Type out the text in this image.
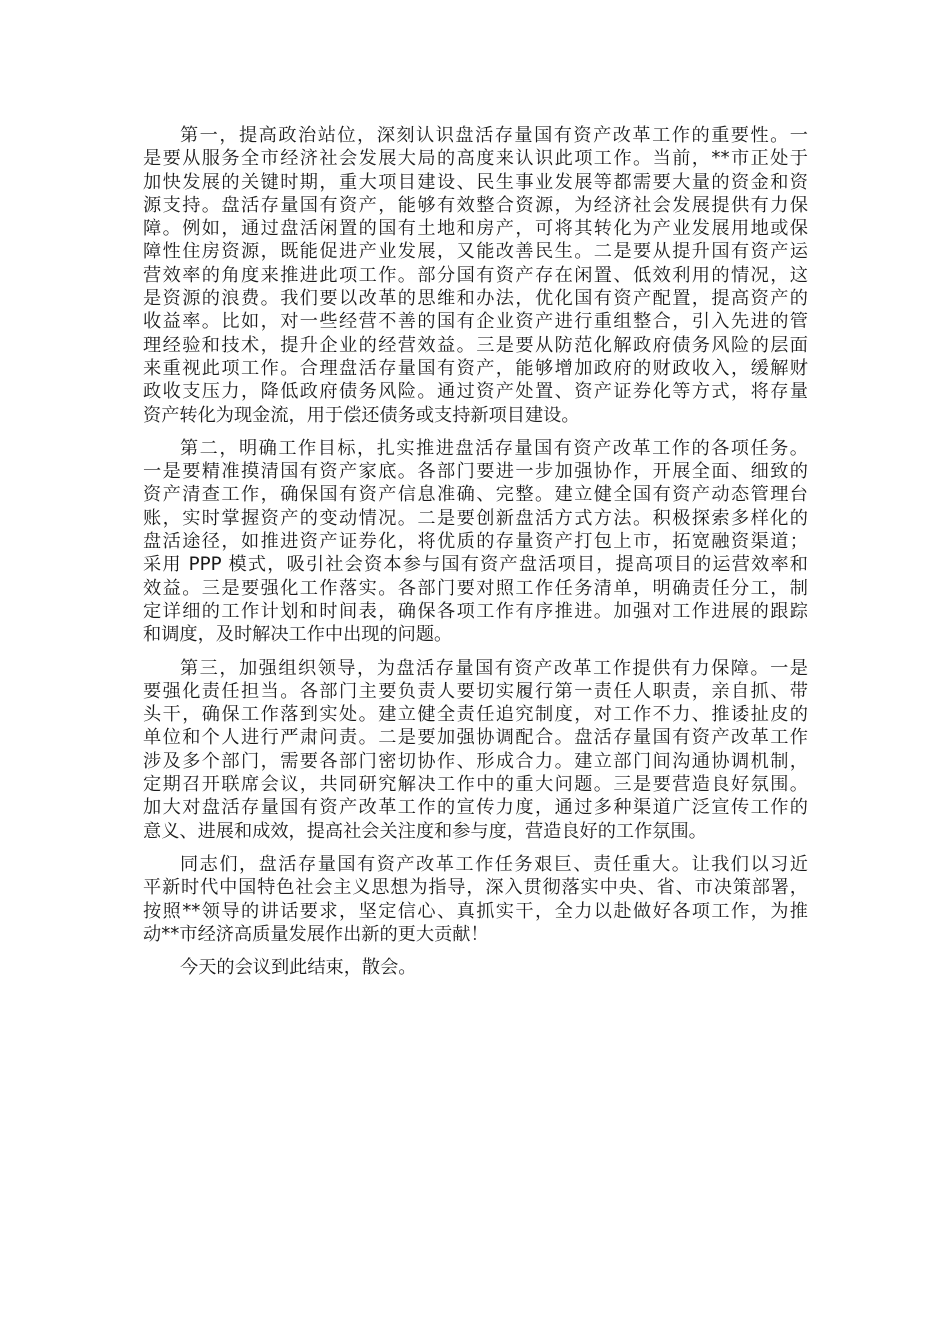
第一，提高政治站位，深刻认识盘活存量国有资产改革工作的重要性。一
是要从服务全市经济社会发展大局的高度来认识此项工作。当前，**市正处于
加快发展的关键时期，重大项目建设、民生事业发展等都需要大量的资金和资
源支持。盘活存量国有资产，能够有效整合资源，为经济社会发展提供有力保
障。例如，通过盘活闲置的国有土地和房产，可将其转化为产业发展用地或保
障性住房资源，既能促进产业发展，又能改善民生。二是要从提升国有资产运
营效率的角度来推进此项工作。部分国有资产存在闲置、低效利用的情况，这
是资源的浪费。我们要以改革的思维和办法，优化国有资产配置，提高资产的
收益率。比如，对一些经营不善的国有企业资产进行重组整合，引入先进的管
理经验和技术，提升企业的经营效益。三是要从防范化解政府债务风险的层面
来重视此项工作。合理盘活存量国有资产，能够增加政府的财政收入，缓解财
政收支压力，降低政府债务风险。通过资产处置、资产证券化等方式，将存量
资产转化为现金流，用于偿还债务或支持新项目建设。
第二，明确工作目标，扎实推进盘活存量国有资产改革工作的各项任务。
一是要精准摸清国有资产家底。各部门要进一步加强协作，开展全面、细致的
资产清查工作，确保国有资产信息准确、完整。建立健全国有资产动态管理台
账，实时掌握资产的变动情况。二是要创新盘活方式方法。积极探索多样化的
盘活途径，如推进资产证券化，将优质的存量资产打包上市，拓宽融资渠道；
采用 PPP 模式，吸引社会资本参与国有资产盘活项目，提高项目的运营效率和
效益。三是要强化工作落实。各部门要对照工作任务清单，明确责任分工，制
定详细的工作计划和时间表，确保各项工作有序推进。加强对工作进展的跟踪
和调度，及时解决工作中出现的问题。
第三，加强组织领导，为盘活存量国有资产改革工作提供有力保障。一是
要强化责任担当。各部门主要负责人要切实履行第一责任人职责，亲自抓、带
头干，确保工作落到实处。建立健全责任追究制度，对工作不力、推诿扯皮的
单位和个人进行严肃问责。二是要加强协调配合。盘活存量国有资产改革工作
涉及多个部门，需要各部门密切协作、形成合力。建立部门间沟通协调机制，
定期召开联席会议，共同研究解决工作中的重大问题。三是要营造良好氛围。
加大对盘活存量国有资产改革工作的宣传力度，通过多种渠道广泛宣传工作的
意义、进展和成效，提高社会关注度和参与度，营造良好的工作氛围。
同志们，盘活存量国有资产改革工作任务艰巨、责任重大。让我们以习近
平新时代中国特色社会主义思想为指导，深入贯彻落实中央、省、市决策部署，
按照**领导的讲话要求，坚定信心、真抓实干，全力以赴做好各项工作，为推
动**市经济高质量发展作出新的更大贡献！
今天的会议到此结束，散会。
